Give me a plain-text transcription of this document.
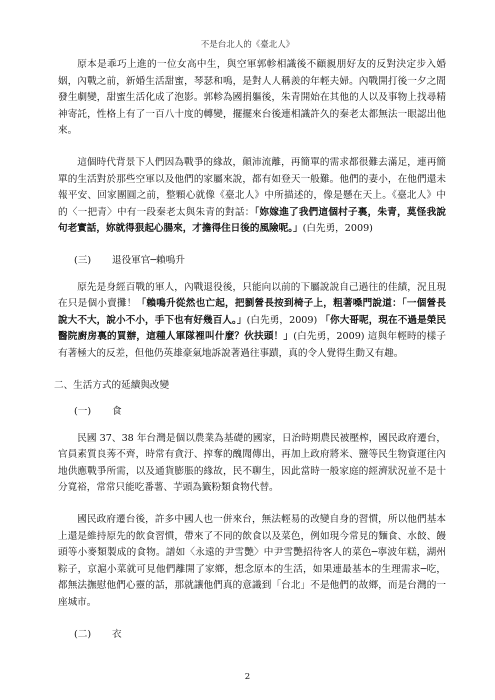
不是台北人的《臺北人》

原本是乖巧上進的一位女高中生，與空軍郭軫相識後不顧親朋好友的反對決定步入婚姻，內戰之前，新婚生活甜蜜，琴瑟和鳴，是對人人稱羨的年輕夫婦。內戰開打後一夕之間發生劇變，甜蜜生活化成了泡影。郭軫為國捐軀後，朱青開始在其他的人以及事物上找尋精神寄託，性格上有了一百八十度的轉變，擺擺來台後連相識許久的秦老太都無法一眼認出他來。

這個時代背景下人們因為戰爭的緣故，顛沛流離，再簡單的需求都很難去滿足，連再簡單的生活對於那些空軍以及他們的家屬來說，都有如登天一般難。他們的妻小，在他們還未報平安、回家團圓之前，整顆心就像《臺北人》中所描述的，像是懸在天上。《臺北人》中的〈一把青〉中有一段秦老太與朱青的對話：「妳嫁進了我們這個村子裏，朱青，莫怪我說句老實話，妳就得狠起心腸來，才擔得住日後的風險呢。」(白先勇，2009)

(三) 退役軍官─賴鳴升

原先是身經百戰的軍人，內戰退役後，只能向以前的下屬說說自己過往的佳績，況且現在只是個小賣攤！「賴鳴升從然也亡起，把劉營長按到椅子上，粗著嗓門說道：「一個營長說大不大，說小不小，手下也有好幾百人。」(白先勇，2009) 「你大哥呢，現在不過是榮民醫院廚房裏的買辦，這種人軍隊裡叫什麼？伙扶頭！」(白先勇，2009) 這與年輕時的樣子有著極大的反差，但他仍英雄豪氣地訴說著過往事蹟，真的令人覺得生動又有趣。

二、生活方式的延續與改變
(一) 食

民國 37、38 年台灣是個以農業為基礎的國家，日治時期農民被壓榨，國民政府遷台，官員素質良莠不齊，時常有貪汙、搾奪的醜聞傳出，再加上政府將米、鹽等民生物資運往內地供應戰爭所需，以及通貨膨脹的緣故，民不聊生，因此當時一般家庭的經濟狀況並不是十分寬裕，常常只能吃番薯、芋頭為籤粉類食物代替。

國民政府遷台後，許多中國人也一併來台，無法輕易的改變自身的習慣，所以他們基本上還是維持原先的飲食習慣，帶來了不同的飲食以及菜色，例如現今常見的麵食、水餃、饅頭等小麥類製成的食物。譜如〈永遠的尹雪艷〉中尹雪艷招待客人的菜色─寧波年糕，湖州粽子，京滬小菜就可見他們離開了家鄉，想念原本的生活，如果連最基本的生理需求─吃，都無法撫慰他們心靈的話，那就讓他們真的意識到「台北」不是他們的故鄉，而是台灣的一座城市。

(二) 衣
2
